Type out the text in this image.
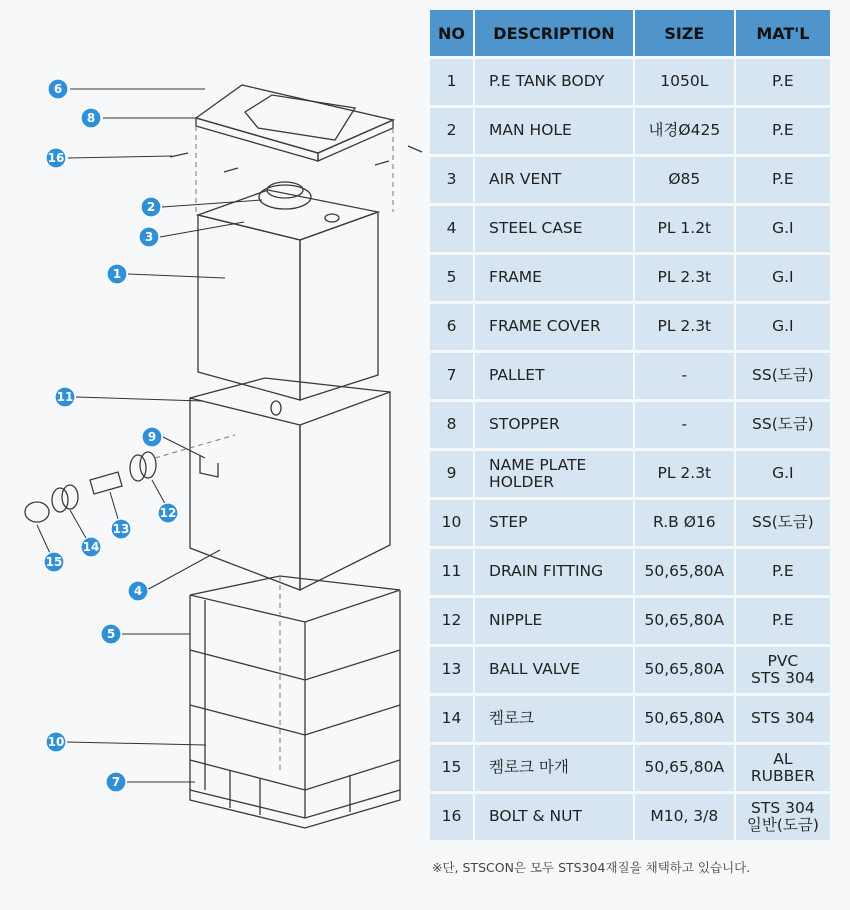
6
8
16
2
3
1
11
9
12
13
14
15
4
5
10
7
NO	DESCRIPTION	SIZE	MAT'L
1	P.E TANK BODY	1050L	P.E
2	MAN HOLE	내경Ø425	P.E
3	AIR VENT	Ø85	P.E
4	STEEL CASE	PL 1.2t	G.I
5	FRAME	PL 2.3t	G.I
6	FRAME COVER	PL 2.3t	G.I
7	PALLET	-	SS(도금)
8	STOPPER	-	SS(도금)
9	NAME PLATE
HOLDER	PL 2.3t	G.I
10	STEP	R.B Ø16	SS(도금)
11	DRAIN FITTING	50,65,80A	P.E
12	NIPPLE	50,65,80A	P.E
13	BALL VALVE	50,65,80A	PVC
STS 304
14	켐로크	50,65,80A	STS 304
15	켐로크 마개	50,65,80A	AL
RUBBER
16	BOLT & NUT	M10, 3/8	STS 304
일반(도금)
※단, STSCON은 모두 STS304재질을 채택하고 있습니다.
